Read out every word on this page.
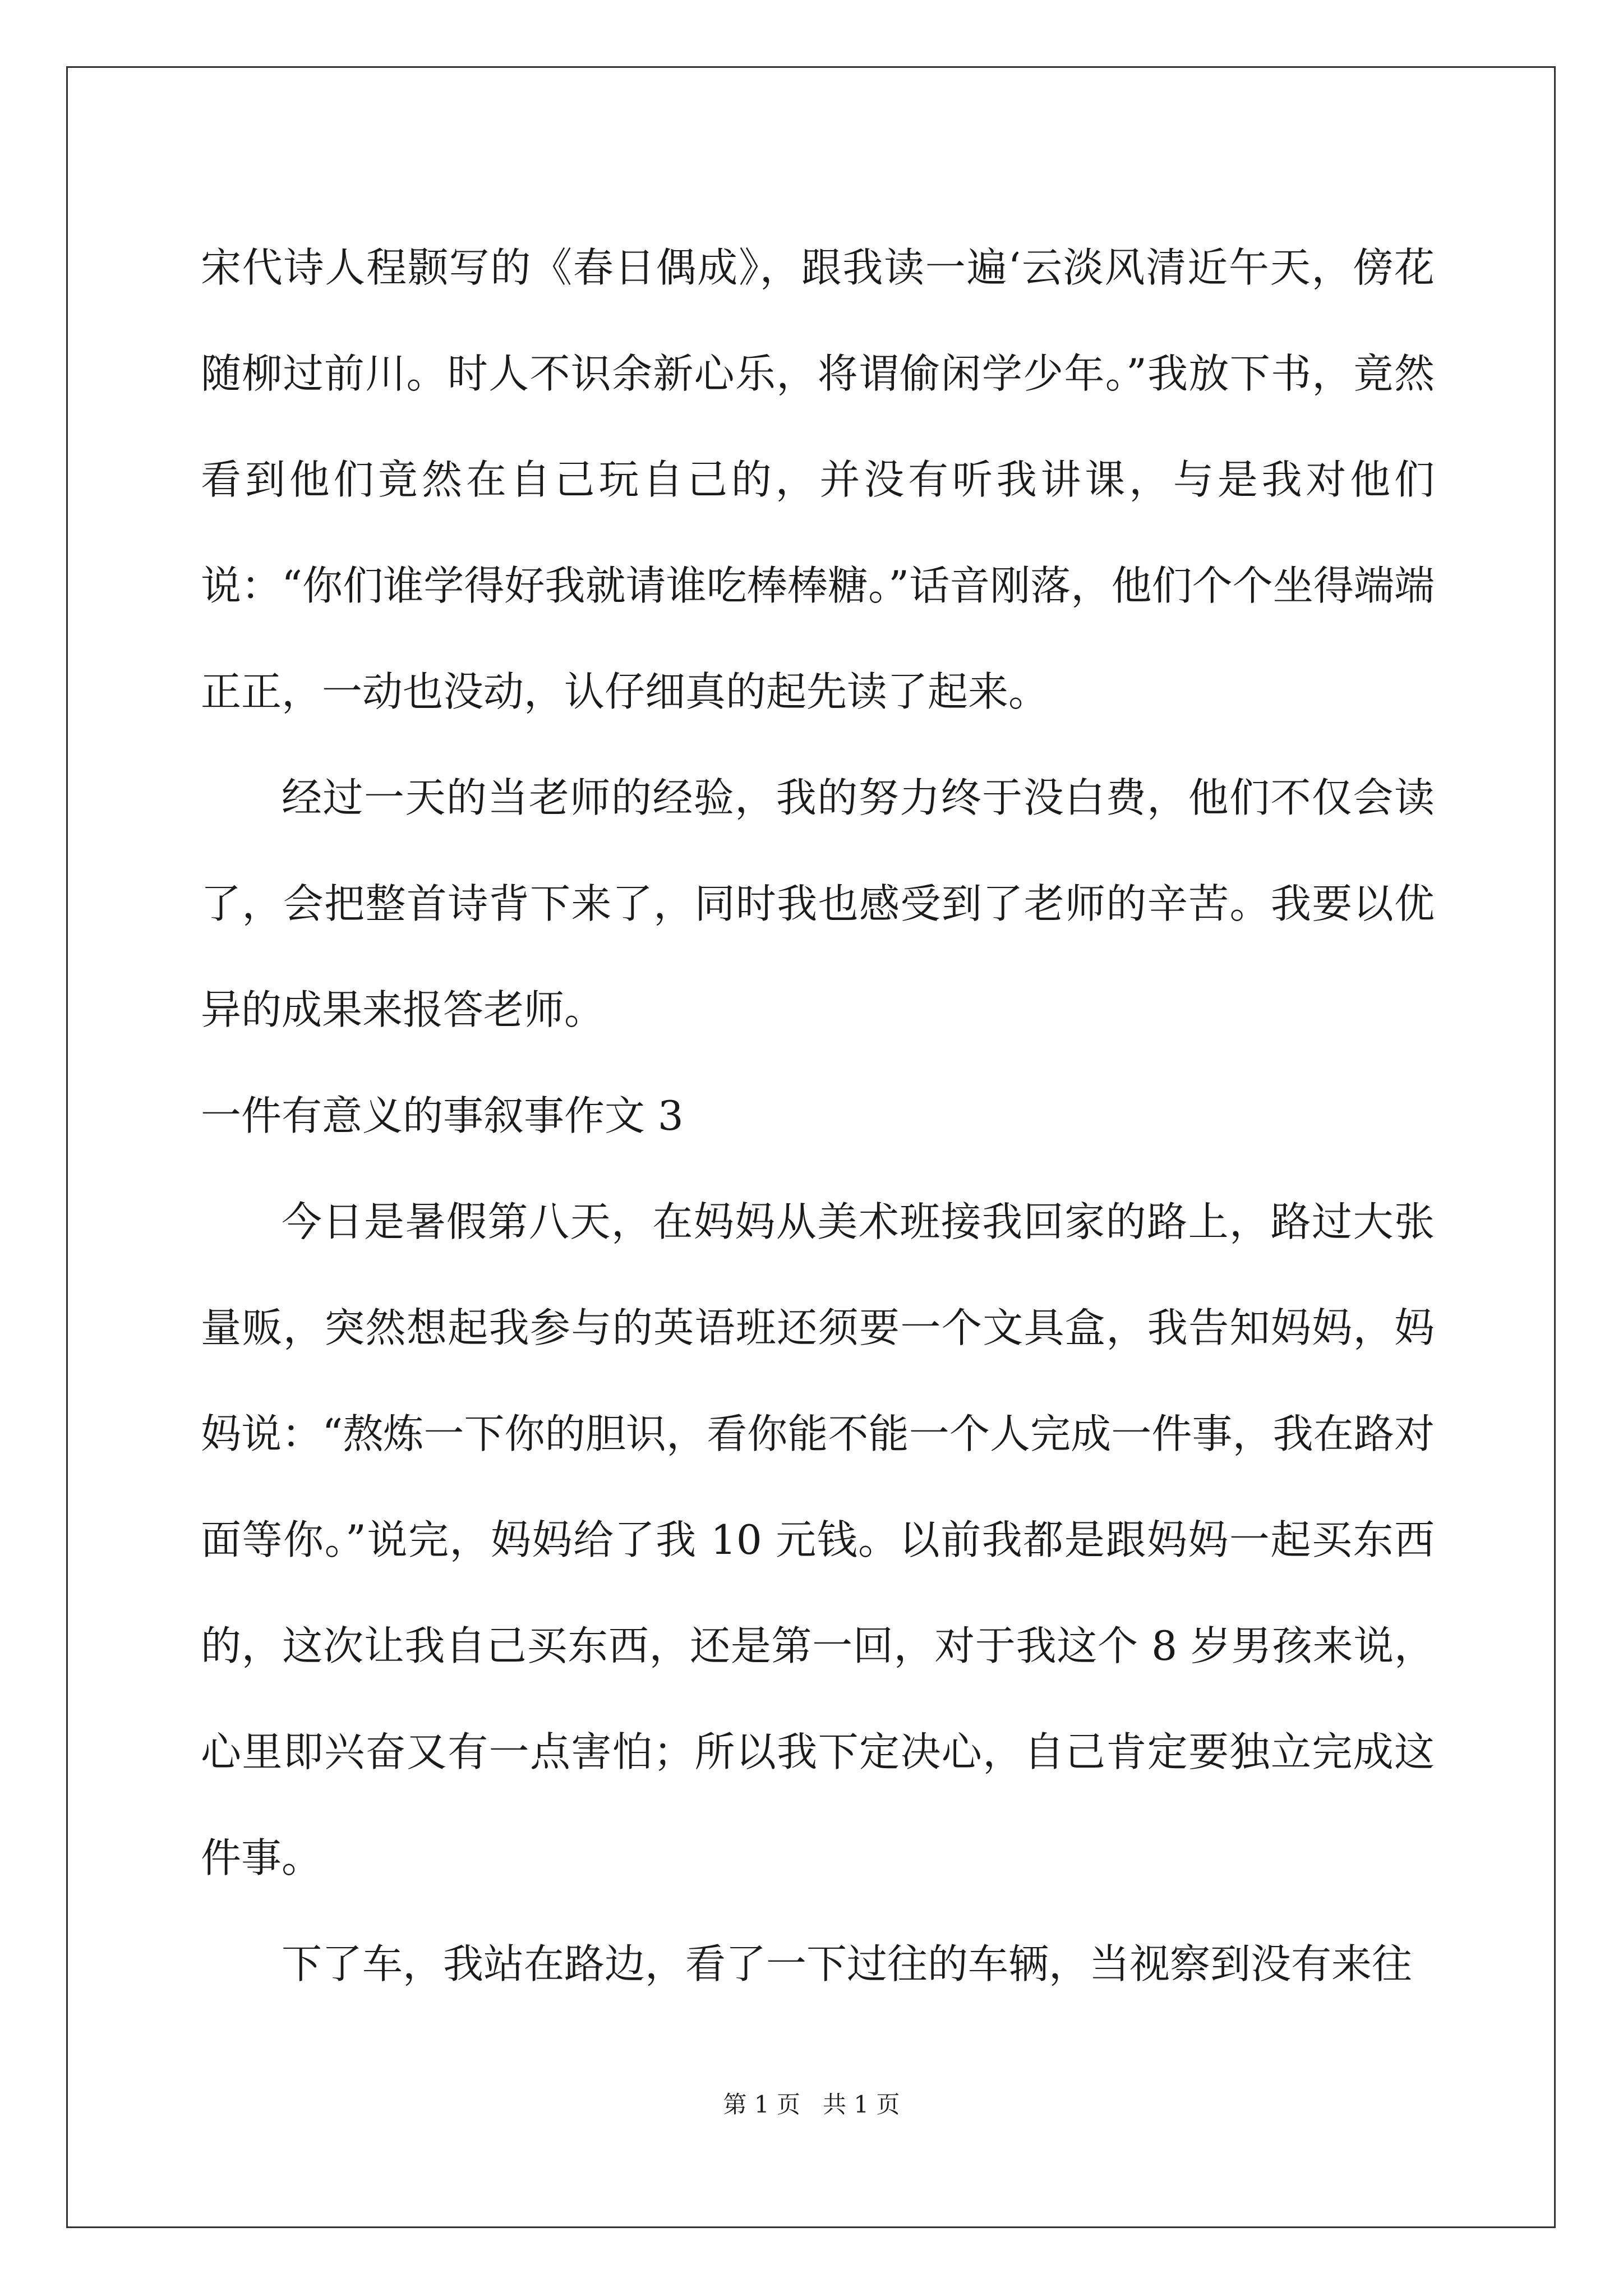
宋代诗人程颢写的《春日偶成》，跟我读一遍‘云淡风清近午天，傍花随柳过前川。时人不识余新心乐，将谓偷闲学少年。”我放下书，竟然看到他们竟然在自己玩自己的，并没有听我讲课，与是我对他们说：“你们谁学得好我就请谁吃棒棒糖。”话音刚落，他们个个坐得端端正正，一动也没动，认仔细真的起先读了起来。

经过一天的当老师的经验，我的努力终于没白费，他们不仅会读了，会把整首诗背下来了，同时我也感受到了老师的辛苦。我要以优异的成果来报答老师。

一件有意义的事叙事作文 3

今日是暑假第八天，在妈妈从美术班接我回家的路上，路过大张量贩，突然想起我参与的英语班还须要一个文具盒，我告知妈妈，妈妈说：“熬炼一下你的胆识，看你能不能一个人完成一件事，我在路对面等你。”说完，妈妈给了我 10 元钱。以前我都是跟妈妈一起买东西的，这次让我自己买东西，还是第一回，对于我这个 8 岁男孩来说，心里即兴奋又有一点害怕；所以我下定决心，自己肯定要独立完成这件事。

下了车，我站在路边，看了一下过往的车辆，当视察到没有来往

第 1 页   共 1 页
